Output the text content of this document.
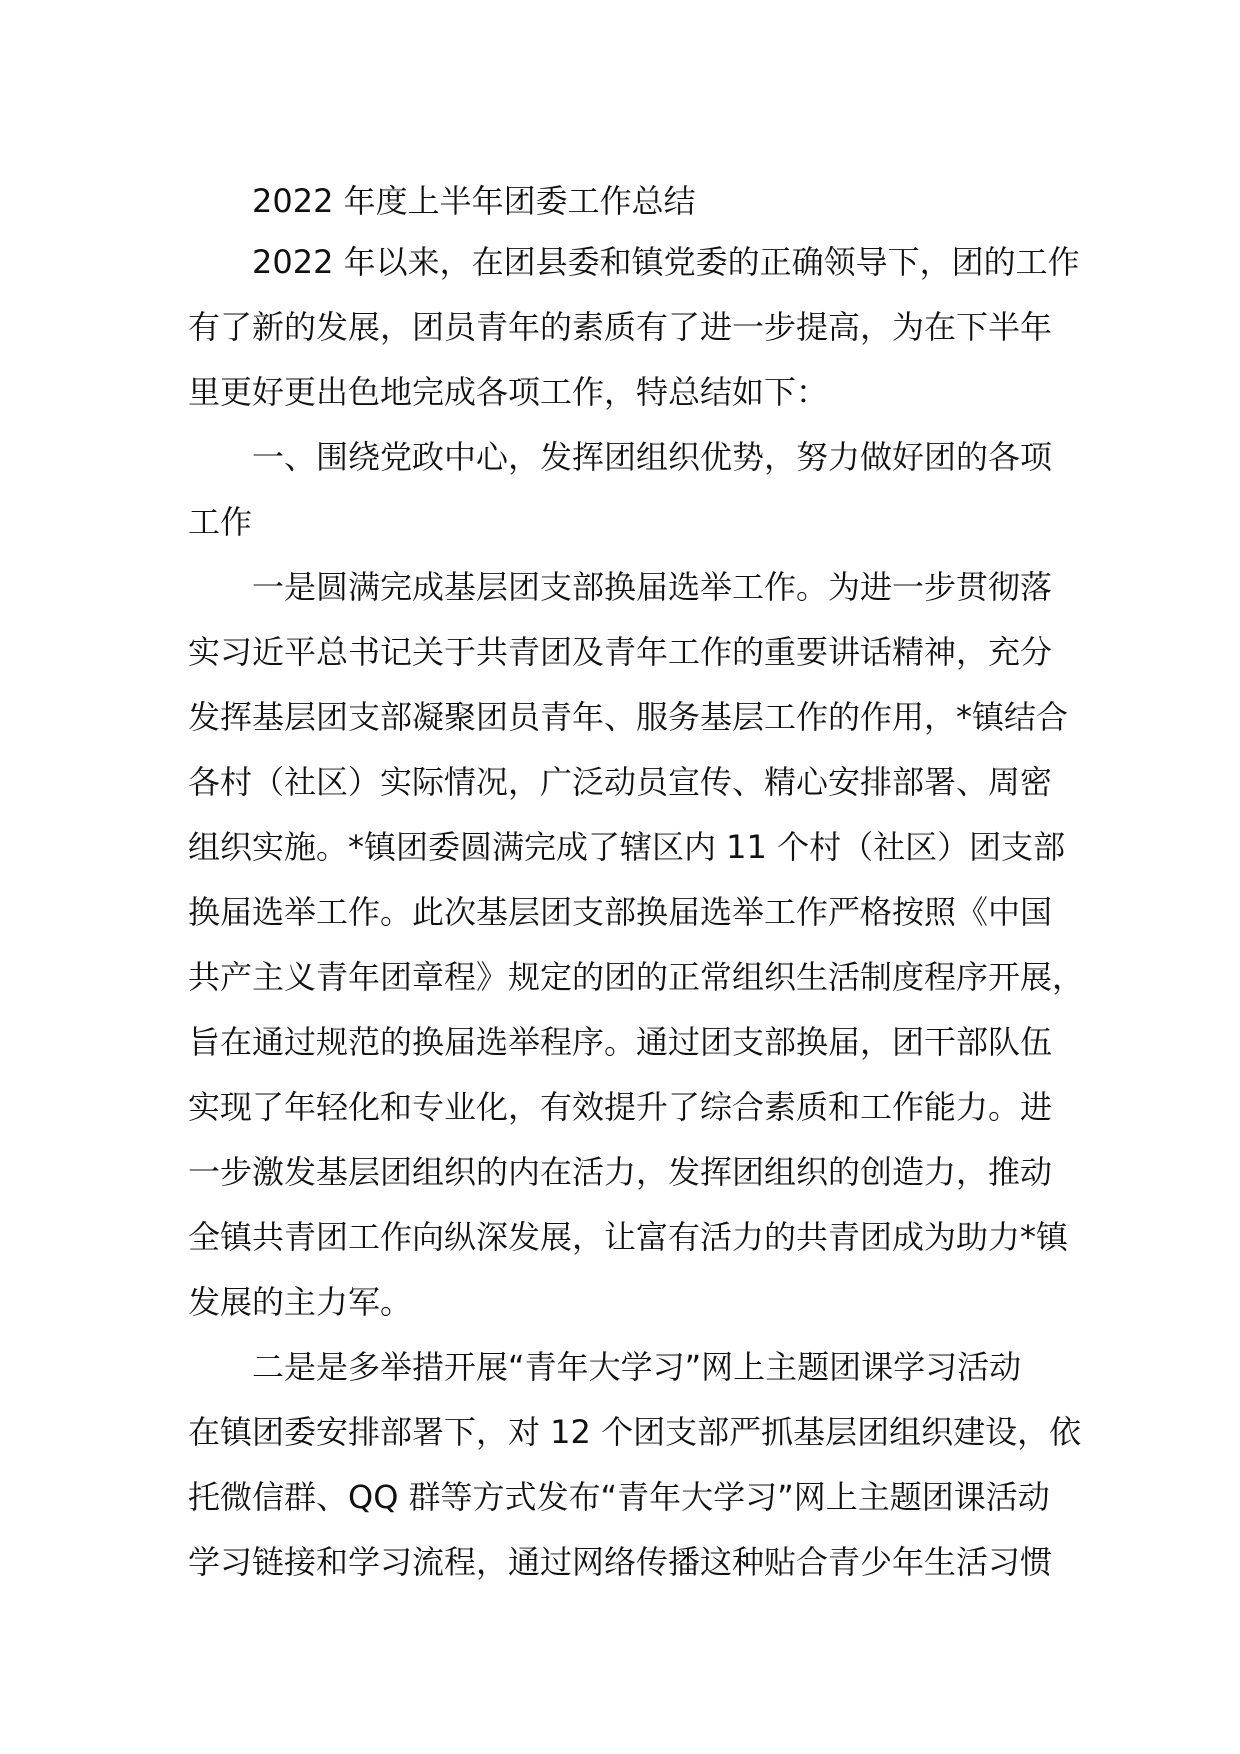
2022 年度上半年团委工作总结
2022 年以来，在团县委和镇党委的正确领导下，团的工作
有了新的发展，团员青年的素质有了进一步提高，为在下半年
里更好更出色地完成各项工作，特总结如下：
一、围绕党政中心，发挥团组织优势，努力做好团的各项
工作
一是圆满完成基层团支部换届选举工作。为进一步贯彻落
实习近平总书记关于共青团及青年工作的重要讲话精神，充分
发挥基层团支部凝聚团员青年、服务基层工作的作用，*镇结合
各村（社区）实际情况，广泛动员宣传、精心安排部署、周密
组织实施。*镇团委圆满完成了辖区内 11 个村（社区）团支部
换届选举工作。此次基层团支部换届选举工作严格按照《中国
共产主义青年团章程》规定的团的正常组织生活制度程序开展，
旨在通过规范的换届选举程序。通过团支部换届，团干部队伍
实现了年轻化和专业化，有效提升了综合素质和工作能力。进
一步激发基层团组织的内在活力，发挥团组织的创造力，推动
全镇共青团工作向纵深发展，让富有活力的共青团成为助力*镇
发展的主力军。
二是是多举措开展“青年大学习”网上主题团课学习活动
在镇团委安排部署下，对 12 个团支部严抓基层团组织建设，依
托微信群、QQ 群等方式发布“青年大学习”网上主题团课活动
学习链接和学习流程，通过网络传播这种贴合青少年生活习惯
